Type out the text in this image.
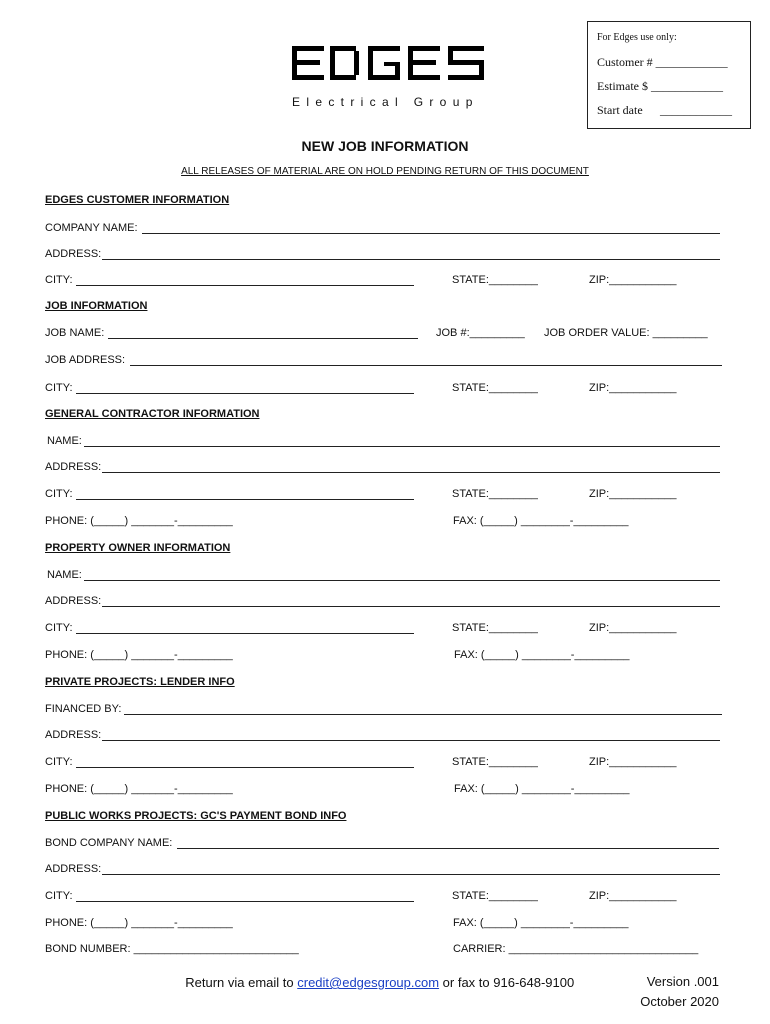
For Edges use only:
Customer # ____________
Estimate $ ____________
Start date ____________
E l e c t r i c a l   G r o u p
NEW JOB INFORMATION
ALL RELEASES OF MATERIAL ARE ON HOLD PENDING RETURN OF THIS DOCUMENT
EDGES CUSTOMER INFORMATION
COMPANY NAME:
ADDRESS:
CITY:	STATE:________	ZIP:___________
JOB INFORMATION
JOB NAME:	JOB #:_________ JOB ORDER VALUE: _________
JOB ADDRESS:
CITY:	STATE:________	ZIP:___________
GENERAL CONTRACTOR INFORMATION
NAME:
ADDRESS:
CITY:	STATE:________	ZIP:___________
PHONE: (_____) _______-_________	FAX: (_____) ________-_________
PROPERTY OWNER INFORMATION
NAME:
ADDRESS:
CITY:	STATE:________	ZIP:___________
PHONE: (_____) _______-_________	FAX: (_____) ________-_________
PRIVATE PROJECTS: LENDER INFO
FINANCED BY:
ADDRESS:
CITY:	STATE:________	ZIP:___________
PHONE: (_____) _______-_________	FAX: (_____) ________-_________
PUBLIC WORKS PROJECTS: GC'S PAYMENT BOND INFO
BOND COMPANY NAME:
ADDRESS:
CITY:	STATE:________	ZIP:___________
PHONE: (_____) _______-_________	FAX: (_____) ________-_________
BOND NUMBER: ___________________________	CARRIER: _______________________________

Return via email to credit@edgesgroup.com or fax to 916-648-9100	Version .001
October 2020
